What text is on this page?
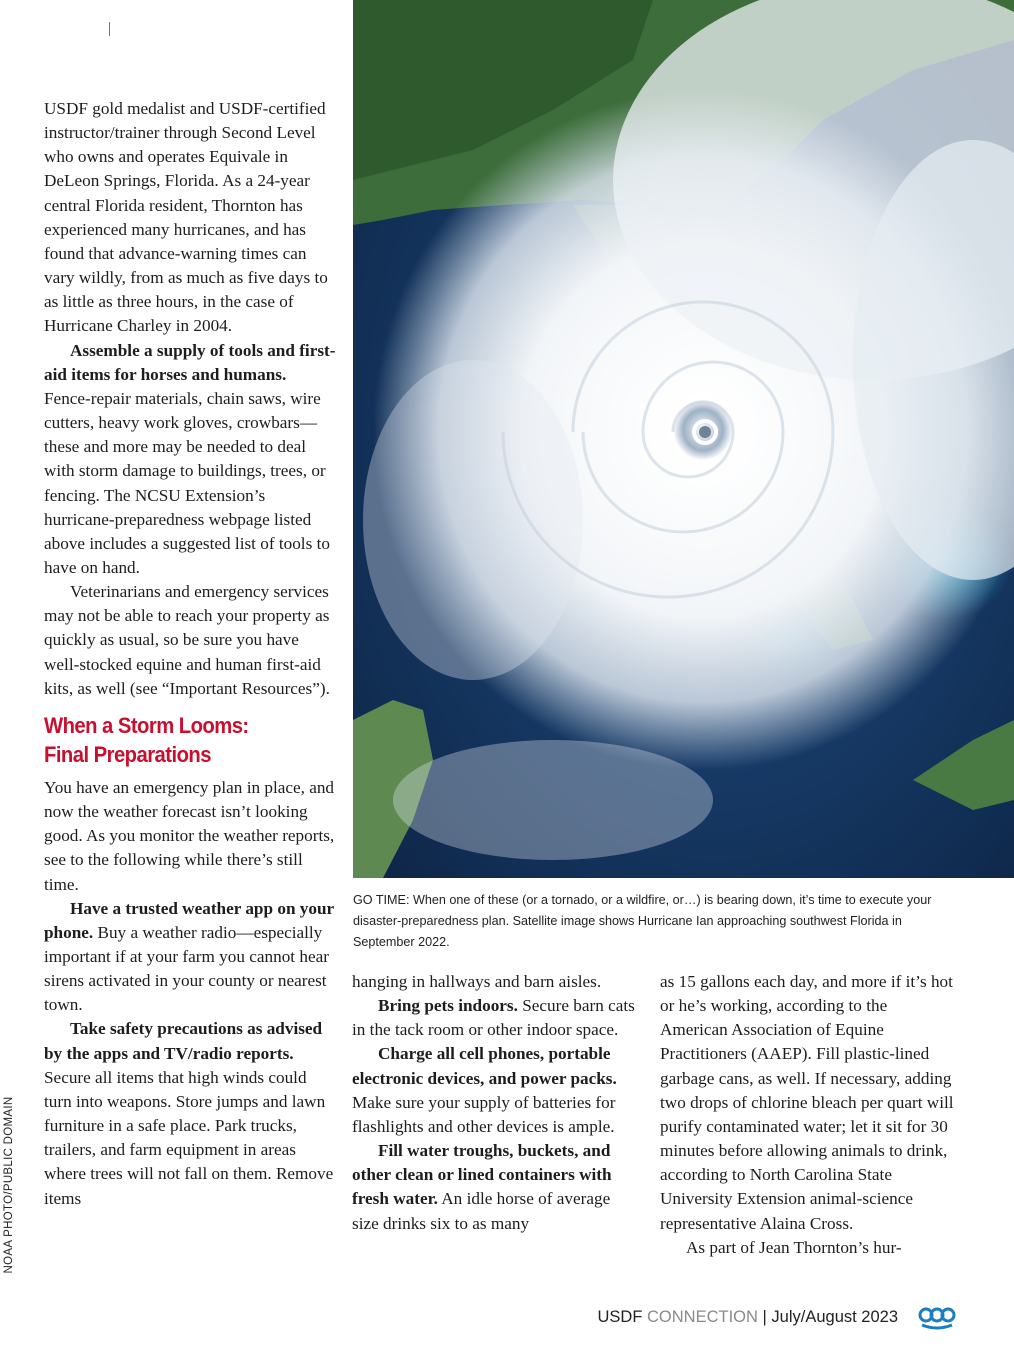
USDF gold medalist and USDF-certified instructor/trainer through Second Level who owns and operates Equivale in DeLeon Springs, Florida. As a 24-year central Florida resident, Thornton has experienced many hurricanes, and has found that advance-warning times can vary wildly, from as much as five days to as little as three hours, in the case of Hurricane Charley in 2004.

Assemble a supply of tools and first-aid items for horses and humans. Fence-repair materials, chain saws, wire cutters, heavy work gloves, crowbars—these and more may be needed to deal with storm damage to buildings, trees, or fencing. The NCSU Extension’s hurricane-preparedness webpage listed above includes a suggested list of tools to have on hand.

Veterinarians and emergency services may not be able to reach your property as quickly as usual, so be sure you have well-stocked equine and human first-aid kits, as well (see “Important Resources”).

When a Storm Looms:
Final Preparations

You have an emergency plan in place, and now the weather forecast isn’t looking good. As you monitor the weather reports, see to the following while there’s still time.

Have a trusted weather app on your phone. Buy a weather radio—especially important if at your farm you cannot hear sirens activated in your county or nearest town.

Take safety precautions as advised by the apps and TV/radio reports. Secure all items that high winds could turn into weapons. Store jumps and lawn furniture in a safe place. Park trucks, trailers, and farm equipment in areas where trees will not fall on them. Remove items

GO TIME: When one of these (or a tornado, or a wildfire, or…) is bearing down, it’s time to execute your disaster-preparedness plan. Satellite image shows Hurricane Ian approaching southwest Florida in September 2022.

hanging in hallways and barn aisles.

Bring pets indoors. Secure barn cats in the tack room or other indoor space.

Charge all cell phones, portable electronic devices, and power packs. Make sure your supply of batteries for flashlights and other devices is ample.

Fill water troughs, buckets, and other clean or lined containers with fresh water. An idle horse of average size drinks six to as many

as 15 gallons each day, and more if it’s hot or he’s working, according to the American Association of Equine Practitioners (AAEP). Fill plastic-lined garbage cans, as well. If necessary, adding two drops of chlorine bleach per quart will purify contaminated water; let it sit for 30 minutes before allowing animals to drink, according to North Carolina State University Extension animal-science representative Alaina Cross.

As part of Jean Thornton’s hur-

NOAA PHOTO/PUBLIC DOMAIN
USDF CONNECTION | July/August 2023
